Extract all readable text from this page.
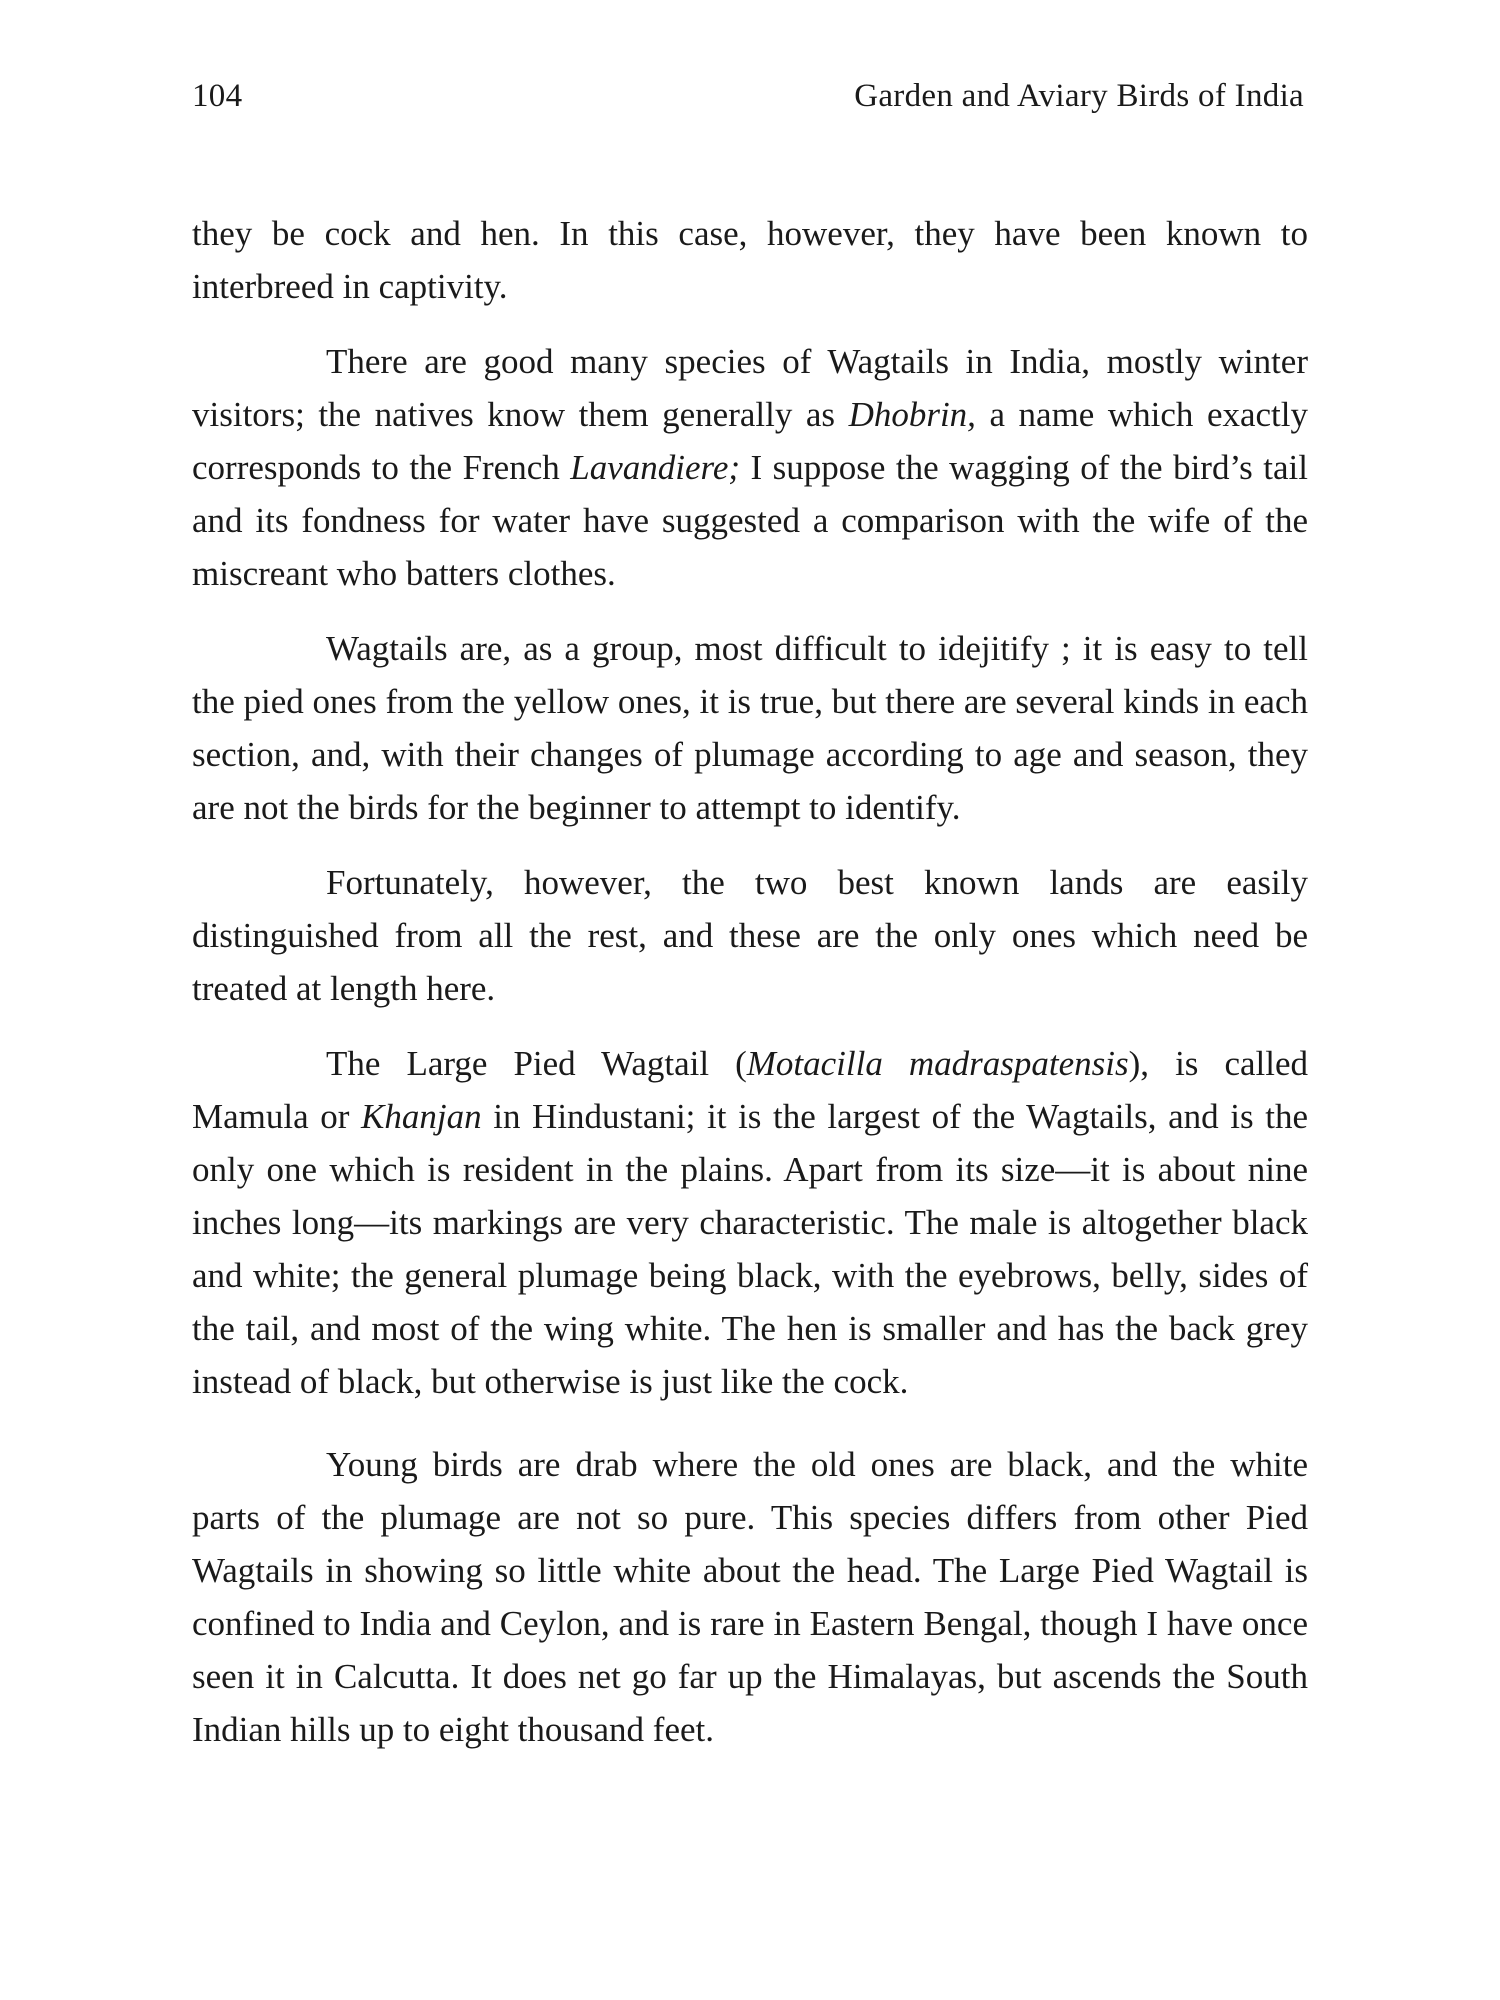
104	Garden and Aviary Birds of India

they be cock and hen. In this case, however, they have been known to interbreed in captivity.

There are good many species of Wagtails in India, mostly winter visitors; the natives know them generally as Dhobrin, a name which exactly corresponds to the French Lavandiere; I suppose the wagging of the bird’s tail and its fondness for water have suggested a comparison with the wife of the miscreant who batters clothes.

Wagtails are, as a group, most difficult to idejitify ; it is easy to tell the pied ones from the yellow ones, it is true, but there are several kinds in each section, and, with their changes of plumage according to age and season, they are not the birds for the beginner to attempt to identify.

Fortunately, however, the two best known lands are easily distinguished from all the rest, and these are the only ones which need be treated at length here.

The Large Pied Wagtail (Motacilla madraspatensis), is called Mamula or Khanjan in Hindustani; it is the largest of the Wagtails, and is the only one which is resident in the plains. Apart from its size—it is about nine inches long—its markings are very characteristic. The male is altogether black and white; the general plumage being black, with the eyebrows, belly, sides of the tail, and most of the wing white. The hen is smaller and has the back grey instead of black, but otherwise is just like the cock.

Young birds are drab where the old ones are black, and the white parts of the plumage are not so pure. This species differs from other Pied Wagtails in showing so little white about the head. The Large Pied Wagtail is confined to India and Ceylon, and is rare in Eastern Bengal, though I have once seen it in Calcutta. It does net go far up the Himalayas, but ascends the South Indian hills up to eight thousand feet.
